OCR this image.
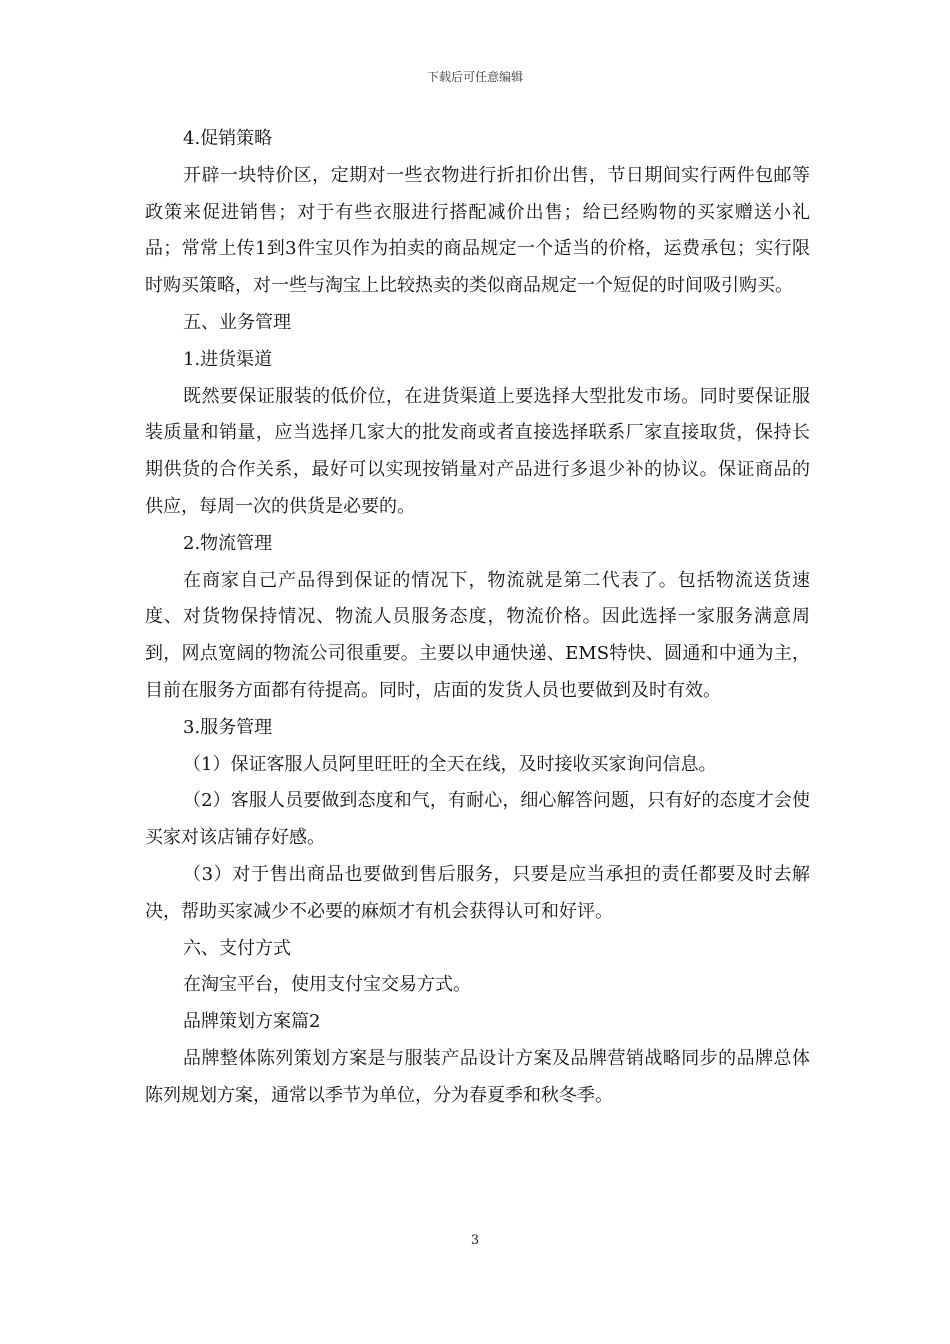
下载后可任意编辑

4.促销策略

开辟一块特价区，定期对一些衣物进行折扣价出售，节日期间实行两件包邮等政策来促进销售；对于有些衣服进行搭配减价出售；给已经购物的买家赠送小礼品；常常上传1到3件宝贝作为拍卖的商品规定一个适当的价格，运费承包；实行限时购买策略，对一些与淘宝上比较热卖的类似商品规定一个短促的时间吸引购买。

五、业务管理

1.进货渠道

既然要保证服装的低价位，在进货渠道上要选择大型批发市场。同时要保证服装质量和销量，应当选择几家大的批发商或者直接选择联系厂家直接取货，保持长期供货的合作关系，最好可以实现按销量对产品进行多退少补的协议。保证商品的供应，每周一次的供货是必要的。

2.物流管理

在商家自己产品得到保证的情况下，物流就是第二代表了。包括物流送货速度、对货物保持情况、物流人员服务态度，物流价格。因此选择一家服务满意周到，网点宽阔的物流公司很重要。主要以申通快递、EMS特快、圆通和中通为主，目前在服务方面都有待提高。同时，店面的发货人员也要做到及时有效。

3.服务管理

（1）保证客服人员阿里旺旺的全天在线，及时接收买家询问信息。

（2）客服人员要做到态度和气，有耐心，细心解答问题，只有好的态度才会使买家对该店铺存好感。

（3）对于售出商品也要做到售后服务，只要是应当承担的责任都要及时去解决，帮助买家减少不必要的麻烦才有机会获得认可和好评。

六、支付方式

在淘宝平台，使用支付宝交易方式。

品牌策划方案篇2

品牌整体陈列策划方案是与服装产品设计方案及品牌营销战略同步的品牌总体陈列规划方案，通常以季节为单位，分为春夏季和秋冬季。

3
